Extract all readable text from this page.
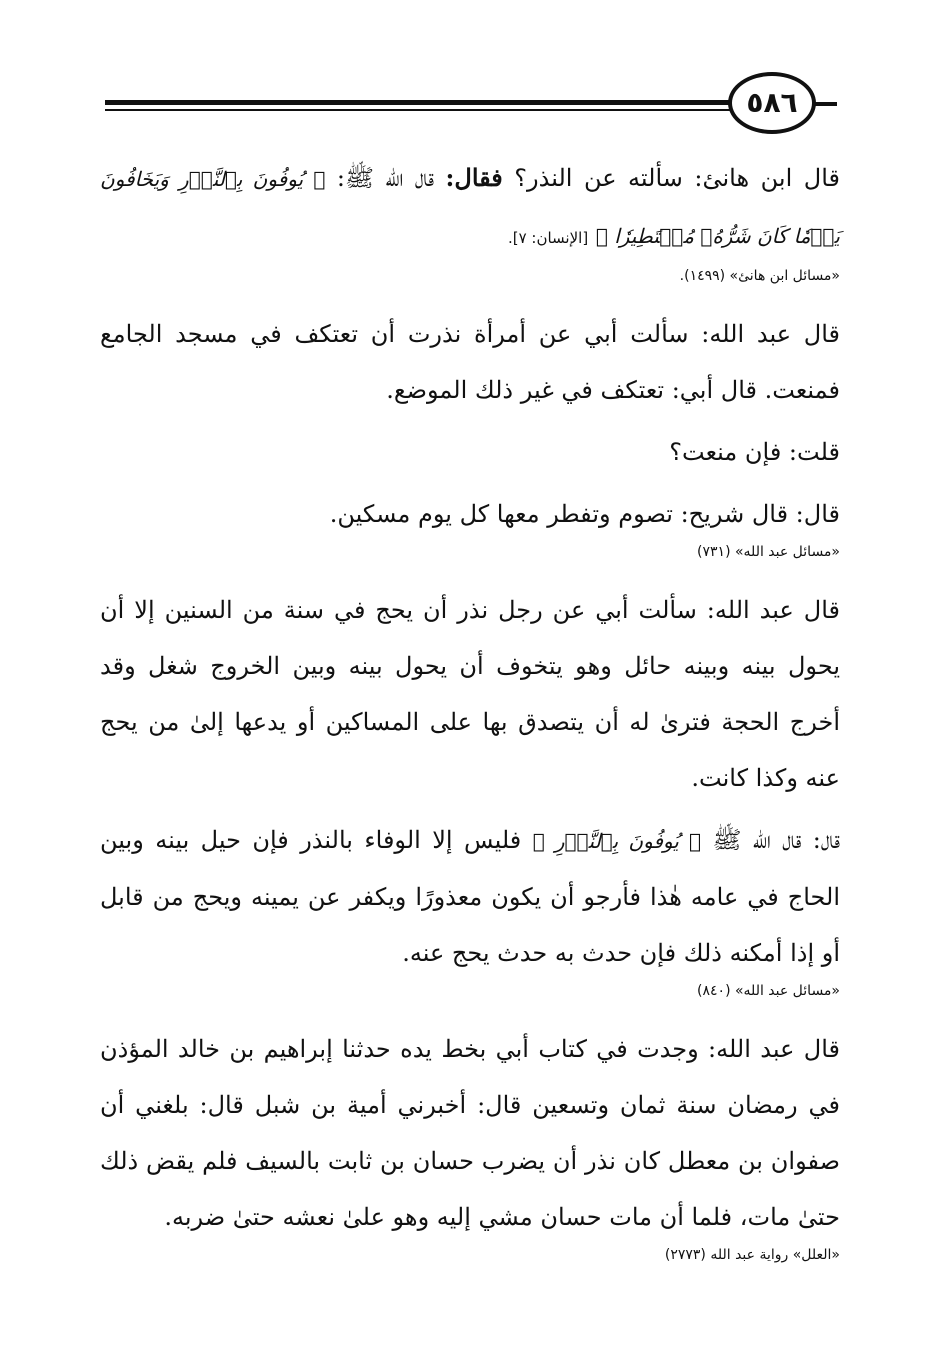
٥٨٦

قال ابن هانئ: سألته عن النذر؟ فقال: قال الله ﷺ: ﴿ يُوفُونَ بِٱلنَّذۡرِ وَيَخَافُونَ يَوۡمٗا كَانَ شَرُّهُۥ مُسۡتَطِيرٗا ﴾ [الإنسان: ٧].

«مسائل ابن هانئ» (١٤٩٩).

قال عبد الله: سألت أبي عن أمرأة نذرت أن تعتكف في مسجد الجامع فمنعت. قال أبي: تعتكف في غير ذلك الموضع.

قلت: فإن منعت؟

قال: قال شريح: تصوم وتفطر معها كل يوم مسكين.

«مسائل عبد الله» (٧٣١)

قال عبد الله: سألت أبي عن رجل نذر أن يحج في سنة من السنين إلا أن يحول بينه وبينه حائل وهو يتخوف أن يحول بينه وبين الخروج شغل وقد أخرج الحجة فترىٰ له أن يتصدق بها على المساكين أو يدعها إلىٰ من يحج عنه وكذا كانت.

قال: قال الله ﷺ ﴿ يُوفُونَ بِٱلنَّذۡرِ ﴾ فليس إلا الوفاء بالنذر فإن حيل بينه وبين الحاج في عامه هٰذا فأرجو أن يكون معذورًا ويكفر عن يمينه ويحج من قابل أو إذا أمكنه ذلك فإن حدث به حدث يحج عنه.

«مسائل عبد الله» (٨٤٠)

قال عبد الله: وجدت في كتاب أبي بخط يده حدثنا إبراهيم بن خالد المؤذن في رمضان سنة ثمان وتسعين قال: أخبرني أمية بن شبل قال: بلغني أن صفوان بن معطل كان نذر أن يضرب حسان بن ثابت بالسيف فلم يقض ذلك حتىٰ مات، فلما أن مات حسان مشي إليه وهو علىٰ نعشه حتىٰ ضربه.

«العلل» رواية عبد الله (٢٧٧٣)
